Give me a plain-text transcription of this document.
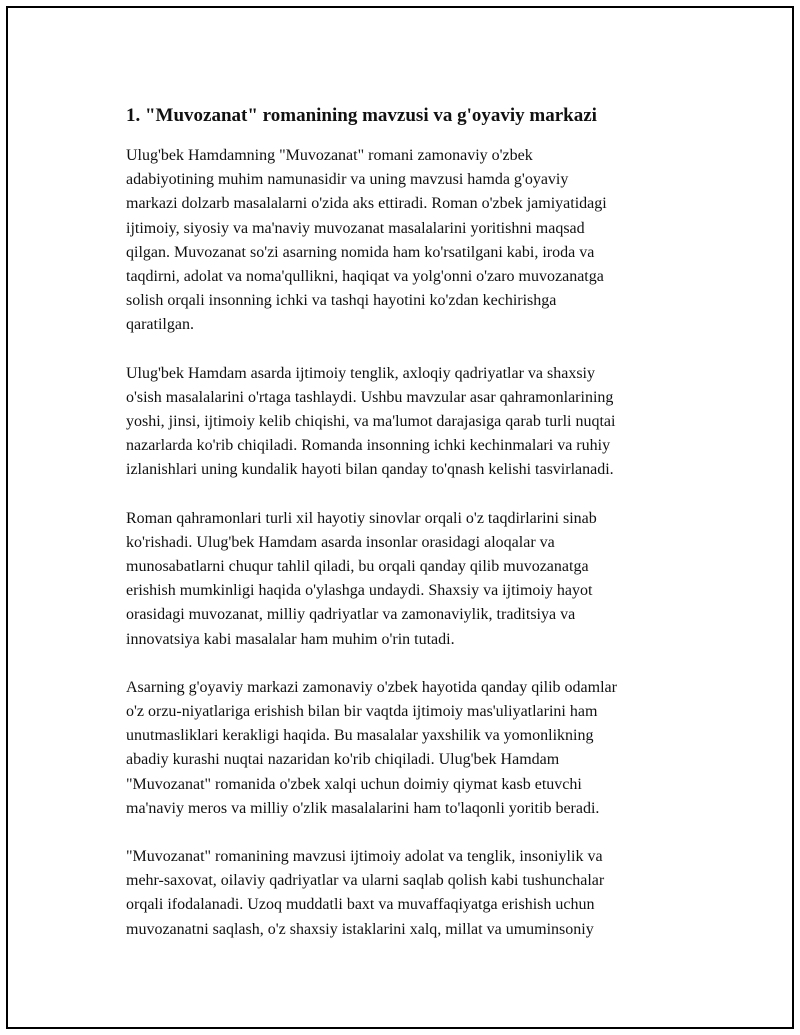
1. "Muvozanat" romanining mavzusi va g'oyaviy markazi

Ulug'bek Hamdamning "Muvozanat" romani zamonaviy o'zbek
adabiyotining muhim namunasidir va uning mavzusi hamda g'oyaviy
markazi dolzarb masalalarni o'zida aks ettiradi. Roman o'zbek jamiyatidagi
ijtimoiy, siyosiy va ma'naviy muvozanat masalalarini yoritishni maqsad
qilgan. Muvozanat so'zi asarning nomida ham ko'rsatilgani kabi, iroda va
taqdirni, adolat va noma'qullikni, haqiqat va yolg'onni o'zaro muvozanatga
solish orqali insonning ichki va tashqi hayotini ko'zdan kechirishga
qaratilgan.

Ulug'bek Hamdam asarda ijtimoiy tenglik, axloqiy qadriyatlar va shaxsiy
o'sish masalalarini o'rtaga tashlaydi. Ushbu mavzular asar qahramonlarining
yoshi, jinsi, ijtimoiy kelib chiqishi, va ma'lumot darajasiga qarab turli nuqtai
nazarlarda ko'rib chiqiladi. Romanda insonning ichki kechinmalari va ruhiy
izlanishlari uning kundalik hayoti bilan qanday to'qnash kelishi tasvirlanadi.

Roman qahramonlari turli xil hayotiy sinovlar orqali o'z taqdirlarini sinab
ko'rishadi. Ulug'bek Hamdam asarda insonlar orasidagi aloqalar va
munosabatlarni chuqur tahlil qiladi, bu orqali qanday qilib muvozanatga
erishish mumkinligi haqida o'ylashga undaydi. Shaxsiy va ijtimoiy hayot
orasidagi muvozanat, milliy qadriyatlar va zamonaviylik, traditsiya va
innovatsiya kabi masalalar ham muhim o'rin tutadi.

Asarning g'oyaviy markazi zamonaviy o'zbek hayotida qanday qilib odamlar
o'z orzu-niyatlariga erishish bilan bir vaqtda ijtimoiy mas'uliyatlarini ham
unutmasliklari kerakligi haqida. Bu masalalar yaxshilik va yomonlikning
abadiy kurashi nuqtai nazaridan ko'rib chiqiladi. Ulug'bek Hamdam
"Muvozanat" romanida o'zbek xalqi uchun doimiy qiymat kasb etuvchi
ma'naviy meros va milliy o'zlik masalalarini ham to'laqonli yoritib beradi.

"Muvozanat" romanining mavzusi ijtimoiy adolat va tenglik, insoniylik va
mehr-saxovat, oilaviy qadriyatlar va ularni saqlab qolish kabi tushunchalar
orqali ifodalanadi. Uzoq muddatli baxt va muvaffaqiyatga erishish uchun
muvozanatni saqlash, o'z shaxsiy istaklarini xalq, millat va umuminsoniy
